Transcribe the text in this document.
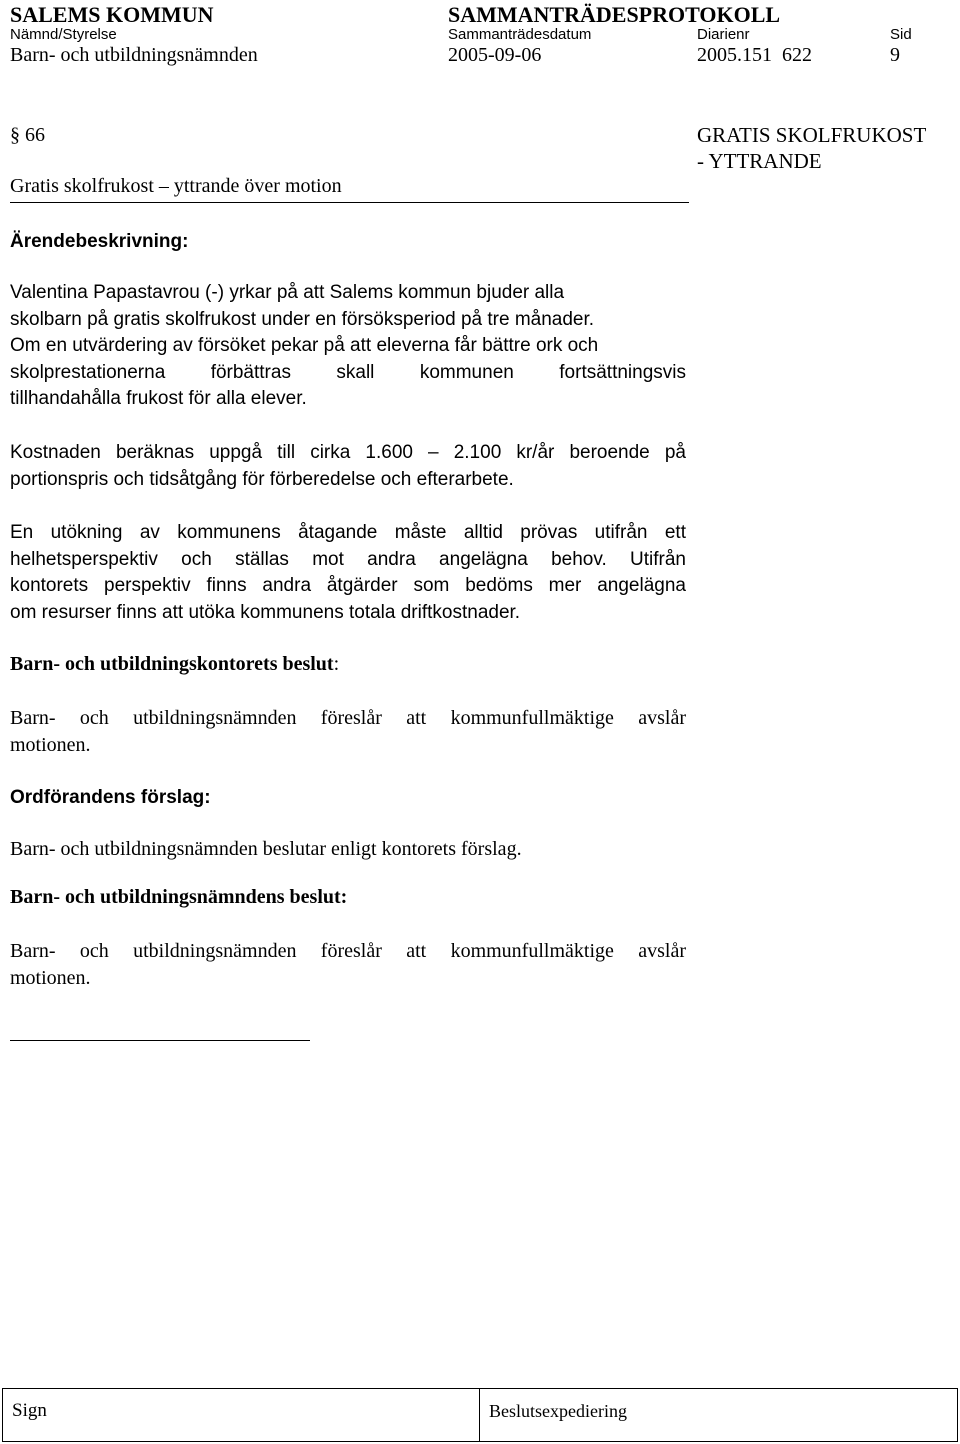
SALEMS KOMMUN	SAMMANTRÄDESPROTOKOLL
Nämnd/Styrelse	Sammanträdesdatum	Diarienr	Sid
Barn- och utbildningsnämnden	2005-09-06	2005.151  622	9
§ 66
Gratis skolfrukost – yttrande över motion
GRATIS SKOLFRUKOST
- YTTRANDE
Ärendebeskrivning:
Valentina Papastavrou (-) yrkar på att Salems kommun bjuder alla
skolbarn på gratis skolfrukost under en försöksperiod på tre månader.
Om en utvärdering av försöket pekar på att eleverna får bättre ork och
skolprestationerna förbättras skall kommunen fortsättningsvis
tillhandahålla frukost för alla elever.
Kostnaden beräknas uppgå till cirka 1.600 – 2.100 kr/år beroende på
portionspris och tidsåtgång för förberedelse och efterarbete.
En utökning av kommunens åtagande måste alltid prövas utifrån ett
helhetsperspektiv och ställas mot andra angelägna behov. Utifrån
kontorets perspektiv finns andra åtgärder som bedöms mer angelägna
om resurser finns att utöka kommunens totala driftkostnader.
Barn- och utbildningskontorets beslut:
Barn- och utbildningsnämnden föreslår att kommunfullmäktige avslår
motionen.
Ordförandens förslag:
Barn- och utbildningsnämnden beslutar enligt kontorets förslag.
Barn- och utbildningsnämndens beslut:
Barn- och utbildningsnämnden föreslår att kommunfullmäktige avslår
motionen.
Sign	Beslutsexpediering
